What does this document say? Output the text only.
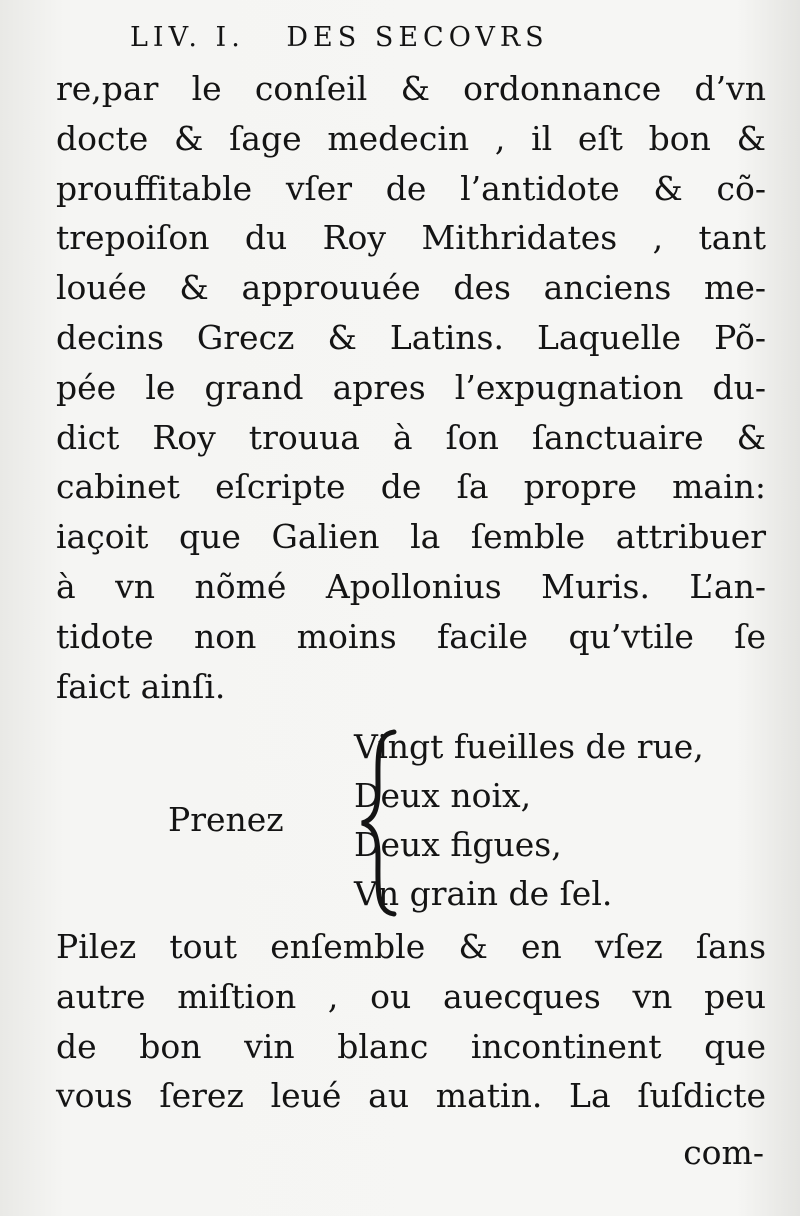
LIV. I. DES SECOVRS
re,par le conſeil & ordonnance d’vn
docte & ſage medecin , il eſt bon &
prouffitable vſer de l’antidote & cõ-
trepoiſon du Roy Mithridates , tant
louée & approuuée des anciens me-
decins Grecz & Latins. Laquelle Põ-
pée le grand apres l’expugnation du-
dict Roy trouua à ſon ſanctuaire &
cabinet eſcripte de ſa propre main:
iaçoit que Galien la ſemble attribuer
à vn nõmé Apollonius Muris. L’an-
tidote non moins facile qu’vtile ſe
faict ainſi.
Prenez
Vingt fueilles de rue,
Deux noix,
Deux figues,
Vn grain de ſel.
Pilez tout enſemble & en vſez ſans
autre miſtion , ou auecques vn peu
de bon vin blanc incontinent que
vous ſerez leué au matin. La ſuſdicte
com-
